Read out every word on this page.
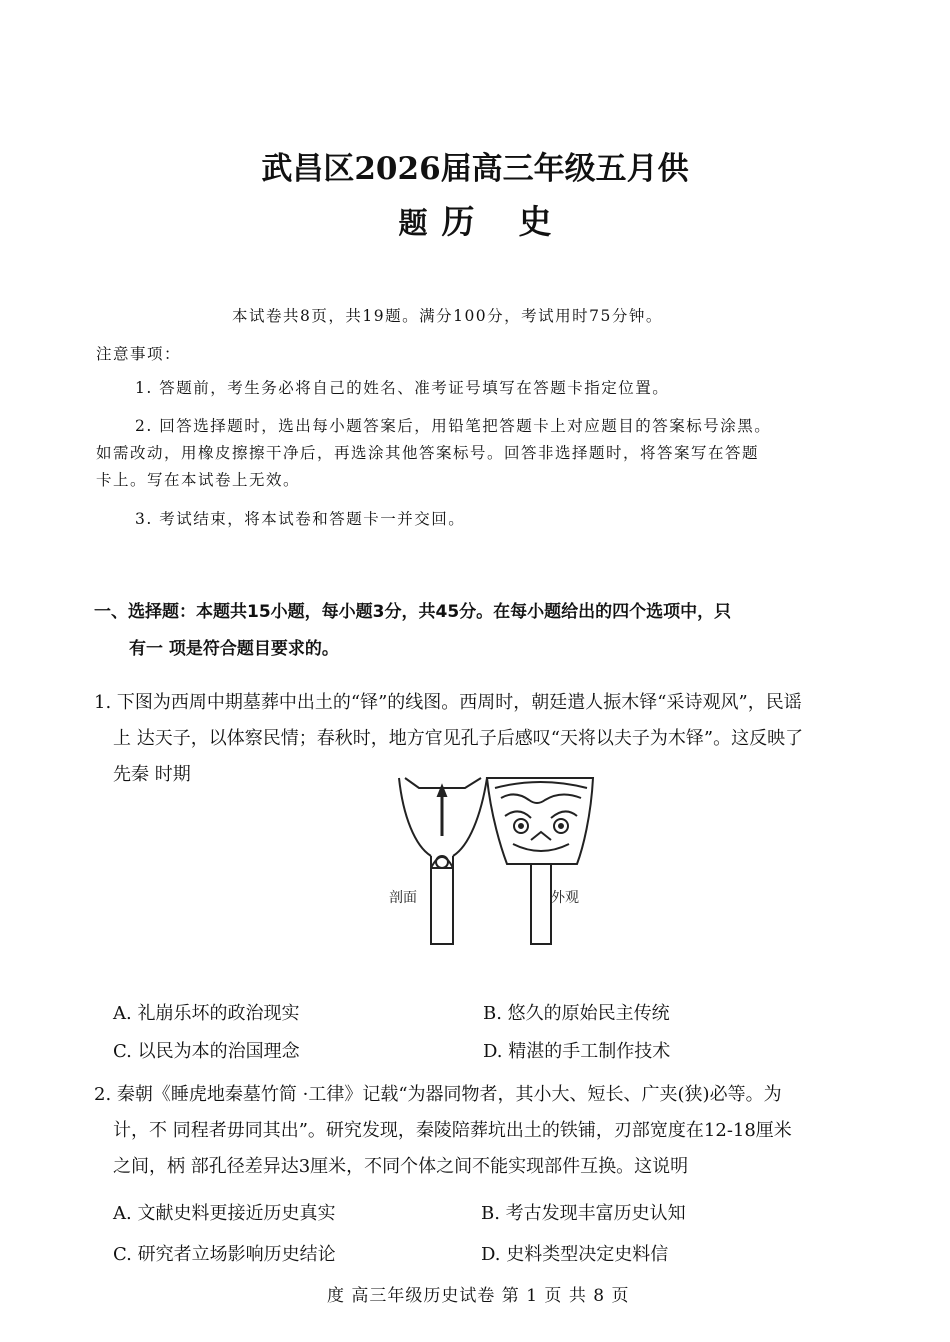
武昌区2026届高三年级五月供
题 历 史
本试卷共8页，共19题。满分100分，考试用时75分钟。
注意事项：
1. 答题前，考生务必将自己的姓名、准考证号填写在答题卡指定位置。
2. 回答选择题时，选出每小题答案后，用铅笔把答题卡上对应题目的答案标号涂黑。
如需改动，用橡皮擦擦干净后，再选涂其他答案标号。回答非选择题时，将答案写在答题
卡上。写在本试卷上无效。
3. 考试结束，将本试卷和答题卡一并交回。
一、选择题：本题共15小题，每小题3分，共45分。在每小题给出的四个选项中，只
有一 项是符合题目要求的。
1. 下图为西周中期墓葬中出土的“铎”的线图。西周时，朝廷遣人振木铎“采诗观风”，民谣
上 达天子，以体察民情；春秋时，地方官见孔子后感叹“天将以夫子为木铎”。这反映了
先秦 时期
剖面	外观
A. 礼崩乐坏的政治现实	B. 悠久的原始民主传统
C. 以民为本的治国理念	D. 精湛的手工制作技术
2. 秦朝《睡虎地秦墓竹简 ·工律》记载“为器同物者，其小大、短长、广夹(狭)必等。为
计，不 同程者毋同其出”。研究发现，秦陵陪葬坑出土的铁铺，刃部宽度在12-18厘米
之间，柄 部孔径差异达3厘米，不同个体之间不能实现部件互换。这说明
A. 文献史料更接近历史真实	B. 考古发现丰富历史认知
C. 研究者立场影响历史结论	D. 史料类型决定史料信
度 高三年级历史试卷 第 1 页 共 8 页
